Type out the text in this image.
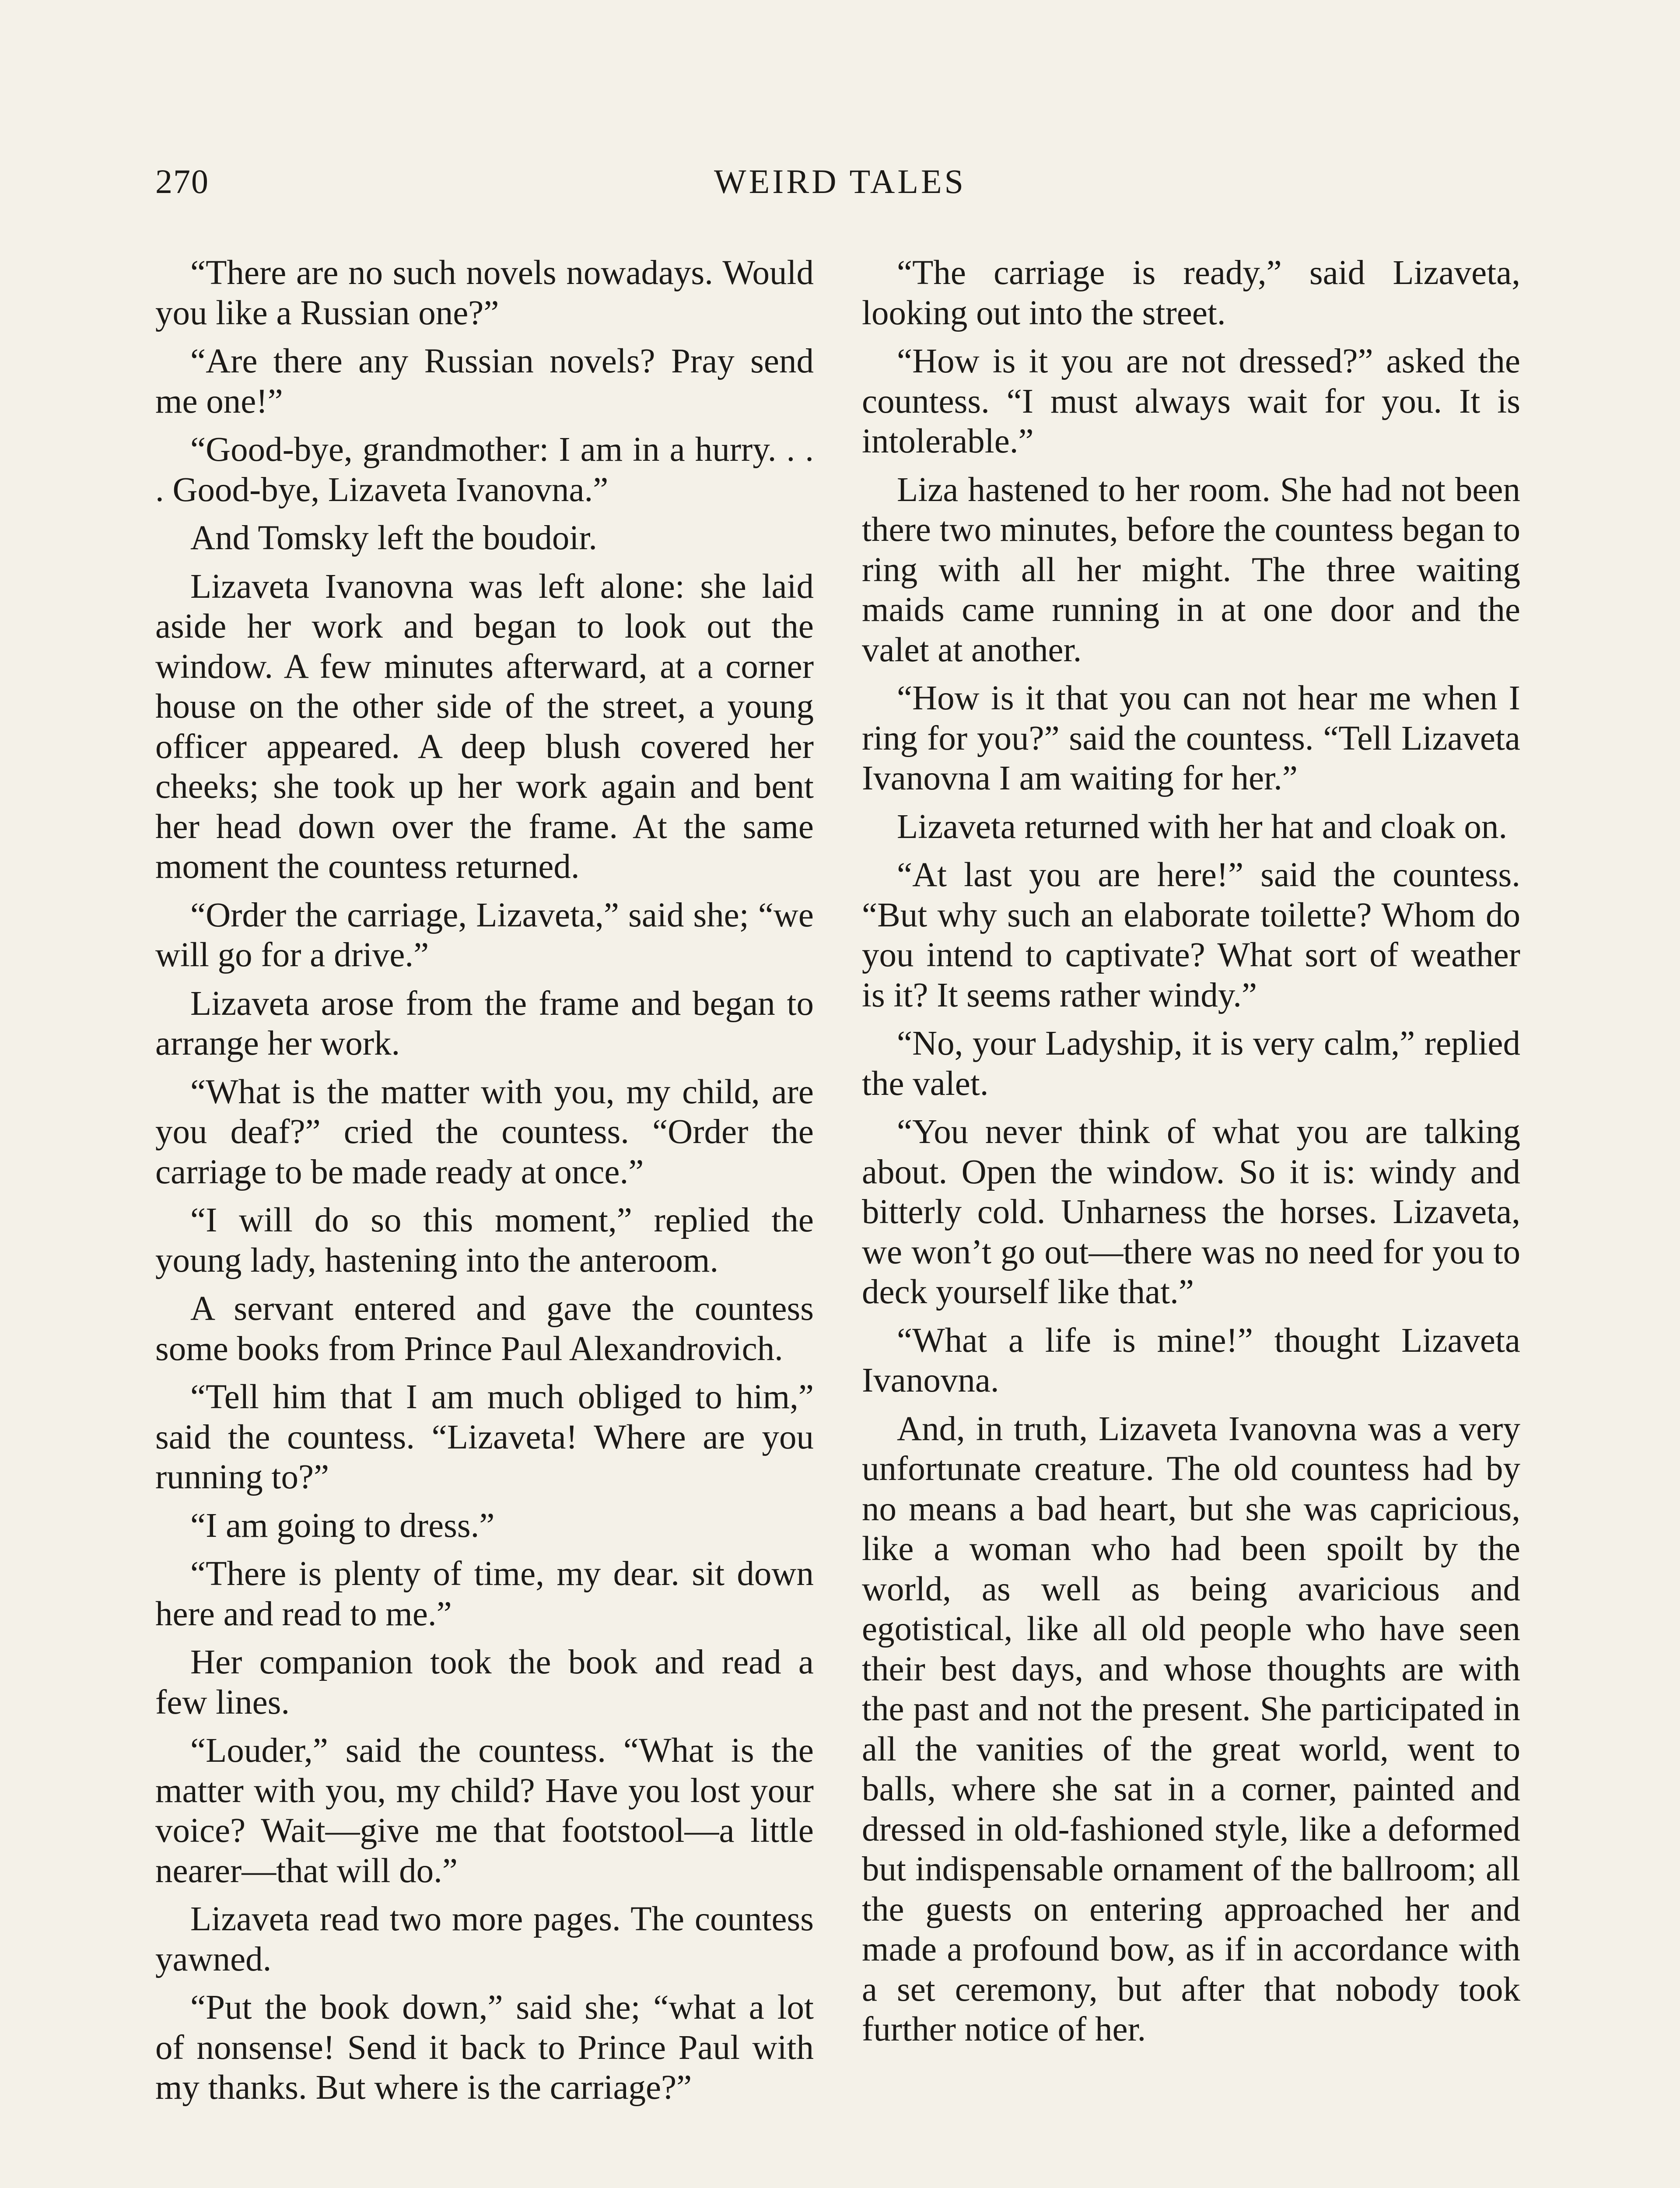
270	WEIRD TALES

“There are no such novels nowadays. Would you like a Russian one?”

“Are there any Russian novels? Pray send me one!”

“Good-bye, grandmother: I am in a hurry. . . . Good-bye, Lizaveta Ivanovna.”

And Tomsky left the boudoir.

Lizaveta Ivanovna was left alone: she laid aside her work and began to look out the window. A few minutes afterward, at a corner house on the other side of the street, a young officer appeared. A deep blush covered her cheeks; she took up her work again and bent her head down over the frame. At the same moment the countess returned.

“Order the carriage, Lizaveta,” said she; “we will go for a drive.”

Lizaveta arose from the frame and began to arrange her work.

“What is the matter with you, my child, are you deaf?” cried the countess. “Order the carriage to be made ready at once.”

“I will do so this moment,” replied the young lady, hastening into the anteroom.

A servant entered and gave the countess some books from Prince Paul Alexandrovich.

“Tell him that I am much obliged to him,” said the countess. “Lizaveta! Where are you running to?”

“I am going to dress.”

“There is plenty of time, my dear. sit down here and read to me.”

Her companion took the book and read a few lines.

“Louder,” said the countess. “What is the matter with you, my child? Have you lost your voice? Wait—give me that footstool—a little nearer—that will do.”

Lizaveta read two more pages. The countess yawned.

“Put the book down,” said she; “what a lot of nonsense! Send it back to Prince Paul with my thanks. But where is the carriage?”

“The carriage is ready,” said Lizaveta, looking out into the street.

“How is it you are not dressed?” asked the countess. “I must always wait for you. It is intolerable.”

Liza hastened to her room. She had not been there two minutes, before the countess began to ring with all her might. The three waiting maids came running in at one door and the valet at another.

“How is it that you can not hear me when I ring for you?” said the countess. “Tell Lizaveta Ivanovna I am waiting for her.”

Lizaveta returned with her hat and cloak on.

“At last you are here!” said the countess. “But why such an elaborate toilette? Whom do you intend to captivate? What sort of weather is it? It seems rather windy.”

“No, your Ladyship, it is very calm,” replied the valet.

“You never think of what you are talking about. Open the window. So it is: windy and bitterly cold. Unharness the horses. Lizaveta, we won’t go out—there was no need for you to deck yourself like that.”

“What a life is mine!” thought Lizaveta Ivanovna.

And, in truth, Lizaveta Ivanovna was a very unfortunate creature. The old countess had by no means a bad heart, but she was capricious, like a woman who had been spoilt by the world, as well as being avaricious and egotistical, like all old people who have seen their best days, and whose thoughts are with the past and not the present. She participated in all the vanities of the great world, went to balls, where she sat in a corner, painted and dressed in old-fashioned style, like a deformed but indispensable ornament of the ballroom; all the guests on entering approached her and made a profound bow, as if in accordance with a set ceremony, but after that nobody took further notice of her.
